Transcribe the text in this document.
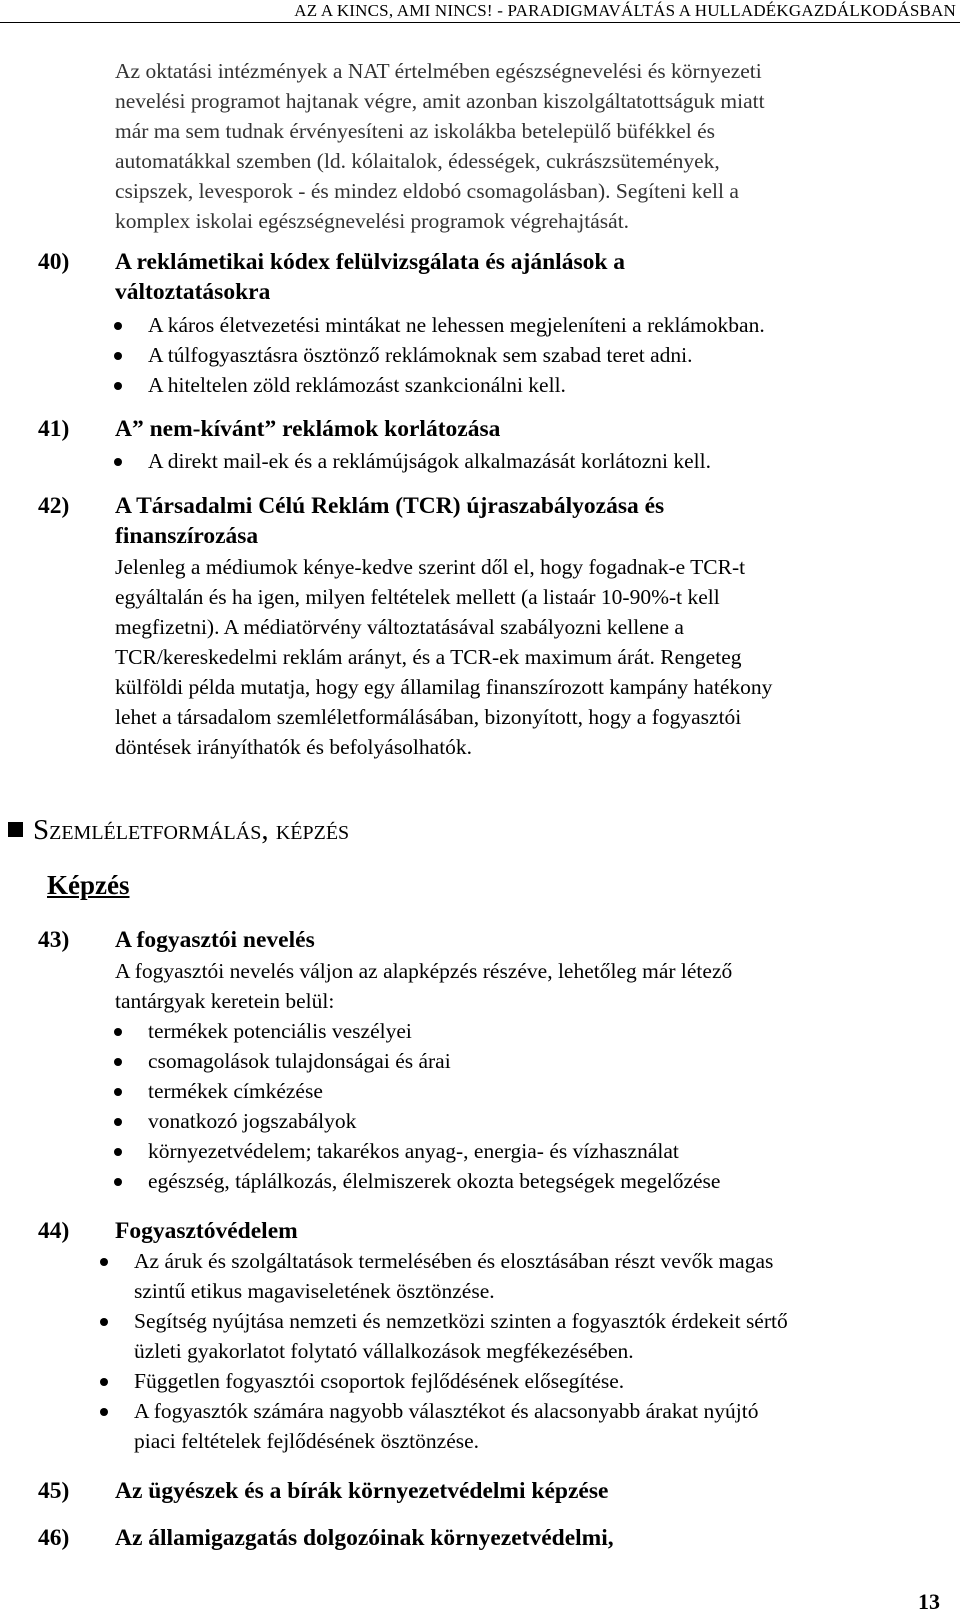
AZ A KINCS, AMI NINCS! - PARADIGMAVÁLTÁS A HULLADÉKGAZDÁLKODÁSBAN
Az oktatási intézmények a NAT értelmében egészségnevelési és környezeti
nevelési programot hajtanak végre, amit azonban kiszolgáltatottságuk miatt
már ma sem tudnak érvényesíteni az iskolákba betelepülő büfékkel és
automatákkal szemben (ld. kólaitalok, édességek, cukrászsütemények,
csipszek, levesporok - és mindez eldobó csomagolásban). Segíteni kell a
komplex iskolai egészségnevelési programok végrehajtását.
40) A reklámetikai kódex felülvizsgálata és ajánlások a
változtatásokra
A káros életvezetési mintákat ne lehessen megjeleníteni a reklámokban.
A túlfogyasztásra ösztönző reklámoknak sem szabad teret adni.
A hiteltelen zöld reklámozást szankcionálni kell.
41) A” nem-kívánt” reklámok korlátozása
A direkt mail-ek és a reklámújságok alkalmazását korlátozni kell.
42) A Társadalmi Célú Reklám (TCR) újraszabályozása és
finanszírozása
Jelenleg a médiumok kénye-kedve szerint dől el, hogy fogadnak-e TCR-t
egyáltalán és ha igen, milyen feltételek mellett (a listaár 10-90%-t kell
megfizetni). A médiatörvény változtatásával szabályozni kellene a
TCR/kereskedelmi reklám arányt, és a TCR-ek maximum árát. Rengeteg
külföldi példa mutatja, hogy egy államilag finanszírozott kampány hatékony
lehet a társadalom szemléletformálásában, bizonyított, hogy a fogyasztói
döntések irányíthatók és befolyásolhatók.
Szemléletformálás, képzés
Képzés
43) A fogyasztói nevelés
A fogyasztói nevelés váljon az alapképzés részéve, lehetőleg már létező
tantárgyak keretein belül:
termékek potenciális veszélyei
csomagolások tulajdonságai és árai
termékek címkézése
vonatkozó jogszabályok
környezetvédelem; takarékos anyag-, energia- és vízhasználat
egészség, táplálkozás, élelmiszerek okozta betegségek megelőzése
44) Fogyasztóvédelem
Az áruk és szolgáltatások termelésében és elosztásában részt vevők magas
szintű etikus magaviseletének ösztönzése.
Segítség nyújtása nemzeti és nemzetközi szinten a fogyasztók érdekeit sértő
üzleti gyakorlatot folytató vállalkozások megfékezésében.
Független fogyasztói csoportok fejlődésének elősegítése.
A fogyasztók számára nagyobb választékot és alacsonyabb árakat nyújtó
piaci feltételek fejlődésének ösztönzése.
45) Az ügyészek és a bírák környezetvédelmi képzése
46) Az államigazgatás dolgozóinak környezetvédelmi,
13
